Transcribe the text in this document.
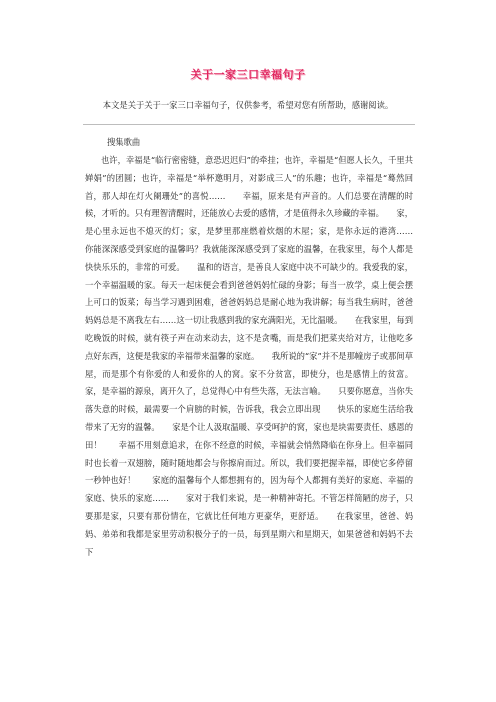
关于一家三口幸福句子
本文是关于关于一家三口幸福句子，仅供参考，希望对您有所帮助，感谢阅读。
搜集歌曲

也许，幸福是“临行密密缝，意恐迟迟归”的牵挂；也许，幸福是“但愿人长久，千里共婵娟”的团圆；也许，幸福是“举杯邀明月，对影成三人”的乐趣；也许，幸福是“蓦然回首，那人却在灯火阑珊处”的喜悦……　　幸福，原来是有声音的。人们总要在清醒的时候，才听的。只有理智清醒时，还能放心去爱的感情，才是值得永久珍藏的幸福。　　家，是心里永远也不熄灭的灯；家，是梦里那座燃着炊烟的木屋；家，是你永远的港湾……　　你能深深感受到家庭的温馨吗？我就能深深感受到了家庭的温馨，在我家里，每个人都是快快乐乐的，非常的可爱。　　温和的语言，是善良人家庭中决不可缺少的。我爱我的家，一个幸福温暖的家。每天一起床便会看到爸爸妈妈忙碌的身影；每当一放学，桌上便会摆上可口的饭菜；每当学习遇到困难，爸爸妈妈总是耐心地为我讲解；每当我生病时，爸爸妈妈总是不离我左右……这一切让我感到我的家充满阳光，无比温暖。　　在我家里，每到吃晚饭的时候，就有筷子声在动来动去，这不是贪嘴，而是我们把菜夹给对方，让他吃多点好东西，这便是我家的幸福带来温馨的家庭。　　我所说的“家”并不是那幢房子或那间草屋，而是那个有你爱的人和爱你的人的窝。家不分贫富，即使分，也是感情上的贫富。家，是幸福的源泉，离开久了，总觉得心中有些失落，无法言喻。　　只要你愿意，当你失落失意的时候，最需要一个肩膀的时候，告诉我，我会立即出现　　快乐的家庭生活给我带来了无穷的温馨。　　家是个让人汲取温暖、享受呵护的窝，家也是块需要责任、感恩的田！　　幸福不用刻意追求，在你不经意的时候，幸福就会悄然降临在你身上。但幸福同时也长着一双翅膀，随时随地都会与你擦肩而过。所以，我们要把握幸福，即使它多停留一秒钟也好！　　家庭的温馨每个人都想拥有的，因为每个人都拥有美好的家庭、幸福的家庭、快乐的家庭……　　家对于我们来说，是一种精神寄托。不管怎样简陋的房子，只要那是家，只要有那份情在，它就比任何地方更豪华，更舒适。　　在我家里，爸爸、妈妈、弟弟和我都是家里劳动积极分子的一员，每到星期六和星期天，如果爸爸和妈妈不去下
